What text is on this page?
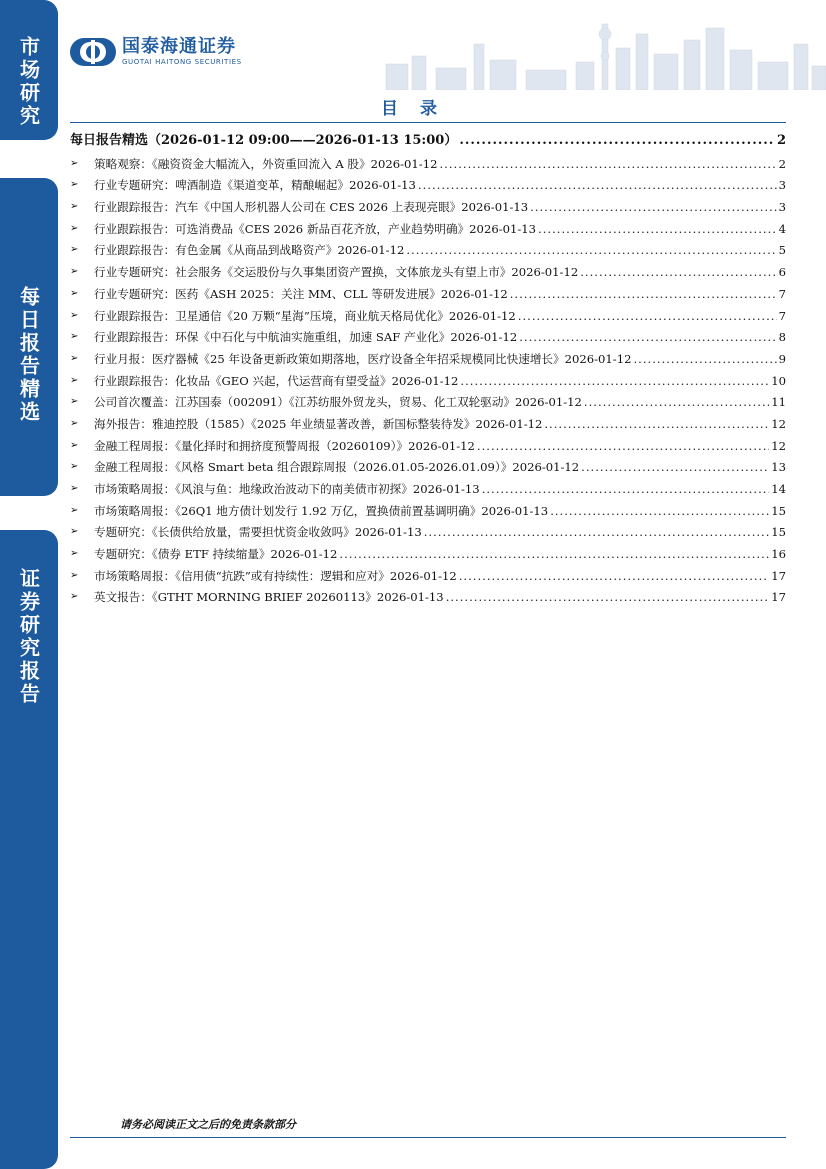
市场研究
每日报告精选
证券研究报告
国泰海通证券
GUOTAI HAITONG SECURITIES
目 录
每日报告精选（2026-01-12 09:00——2026-01-13 15:00） .....	2
➢	策略观察：《融资资金大幅流入，外资重回流入 A 股》2026-01-12 .....	2
➢	行业专题研究：啤酒制造《渠道变革，精酿崛起》2026-01-13 .....	3
➢	行业跟踪报告：汽车《中国人形机器人公司在 CES 2026 上表现亮眼》2026-01-13 .....	3
➢	行业跟踪报告：可选消费品《CES 2026 新品百花齐放，产业趋势明确》2026-01-13 .....	4
➢	行业跟踪报告：有色金属《从商品到战略资产》2026-01-12 .....	5
➢	行业专题研究：社会服务《交运股份与久事集团资产置换，文体旅龙头有望上市》2026-01-12 .....	6
➢	行业专题研究：医药《ASH 2025：关注 MM、CLL 等研发进展》2026-01-12 .....	7
➢	行业跟踪报告：卫星通信《20 万颗“星海”压境，商业航天格局优化》2026-01-12 .....	7
➢	行业跟踪报告：环保《中石化与中航油实施重组，加速 SAF 产业化》2026-01-12 .....	8
➢	行业月报：医疗器械《25 年设备更新政策如期落地，医疗设备全年招采规模同比快速增长》2026-01-12 .....	9
➢	行业跟踪报告：化妆品《GEO 兴起，代运营商有望受益》2026-01-12 .....	10
➢	公司首次覆盖：江苏国泰（002091）《江苏纺服外贸龙头，贸易、化工双轮驱动》2026-01-12 .....	11
➢	海外报告：雅迪控股（1585）《2025 年业绩显著改善，新国标整装待发》2026-01-12 .....	12
➢	金融工程周报：《量化择时和拥挤度预警周报（20260109）》2026-01-12 .....	12
➢	金融工程周报：《风格 Smart beta 组合跟踪周报（2026.01.05-2026.01.09）》2026-01-12 .....	13
➢	市场策略周报：《风浪与鱼：地缘政治波动下的南美债市初探》2026-01-13 .....	14
➢	市场策略周报：《26Q1 地方债计划发行 1.92 万亿，置换债前置基调明确》2026-01-13 .....	15
➢	专题研究：《长债供给放量，需要担忧资金收敛吗》2026-01-13 .....	15
➢	专题研究：《债券 ETF 持续缩量》2026-01-12 .....	16
➢	市场策略周报：《信用债“抗跌”或有持续性：逻辑和应对》2026-01-12 .....	17
➢	英文报告：《GTHT MORNING BRIEF 20260113》2026-01-13 .....	17
请务必阅读正文之后的免责条款部分
